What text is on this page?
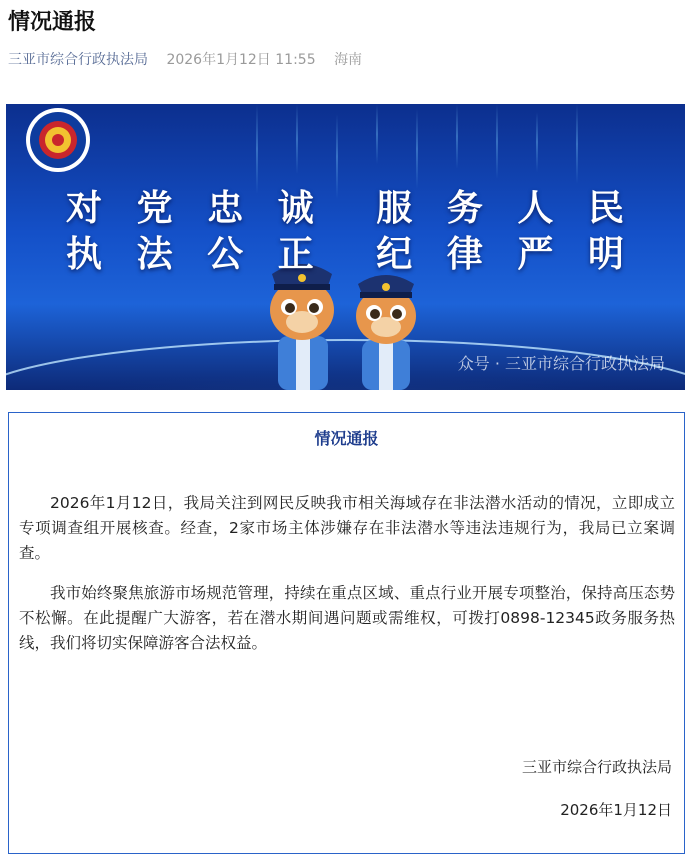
情况通报
三亚市综合行政执法局 2026年1月12日 11:55 海南
对 党 忠 诚 服 务 人 民
执 法 公 正 纪 律 严 明
众号 · 三亚市综合行政执法局
情况通报

2026年1月12日，我局关注到网民反映我市相关海域存在非法潜水活动的情况，立即成立专项调查组开展核查。经查，2家市场主体涉嫌存在非法潜水等违法违规行为，我局已立案调查。

我市始终聚焦旅游市场规范管理，持续在重点区域、重点行业开展专项整治，保持高压态势不松懈。在此提醒广大游客，若在潜水期间遇问题或需维权，可拨打0898-12345政务服务热线，我们将切实保障游客合法权益。

三亚市综合行政执法局
2026年1月12日
